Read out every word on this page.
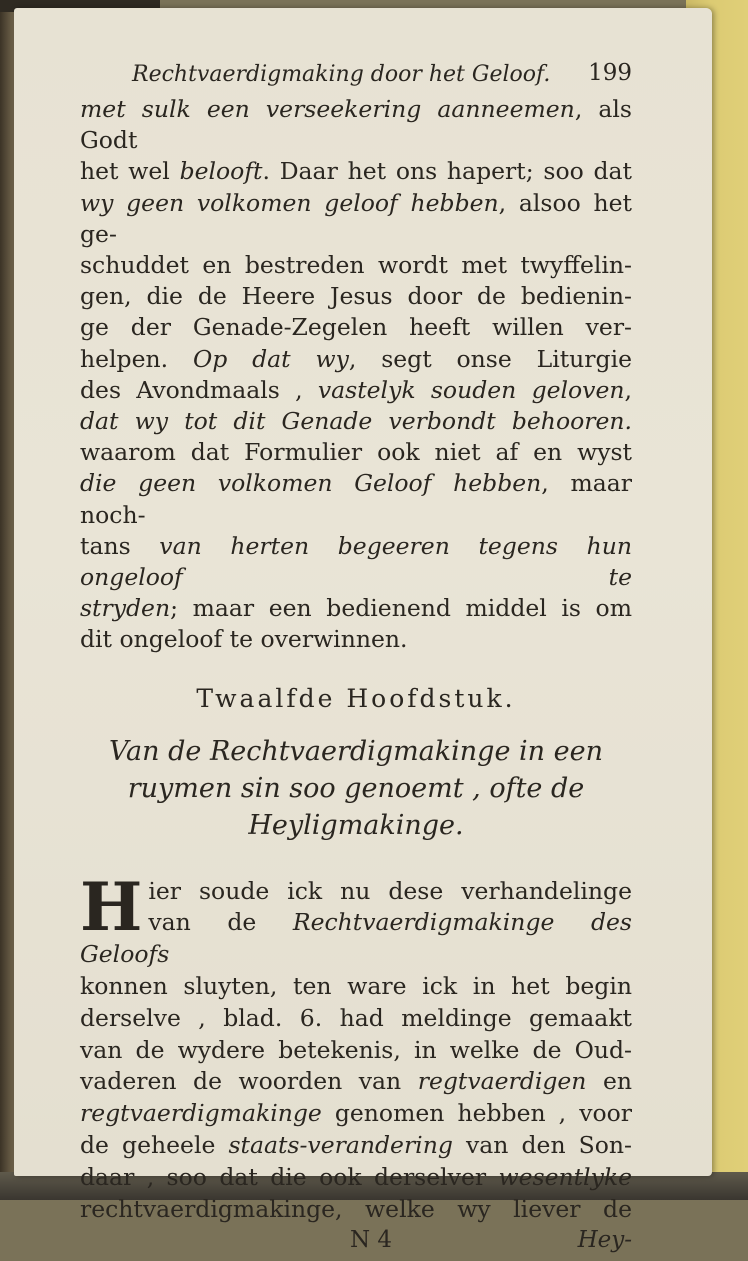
Rechtvaerdigmaking door het Geloof. 199

met sulk een verseekering aanneemen, als Godt

het wel belooft. Daar het ons hapert; soo dat

wy geen volkomen geloof hebben, alsoo het ge-

schuddet en bestreden wordt met twyffelin-

gen, die de Heere Jesus door de bedienin-

ge der Genade-Zegelen heeft willen ver-

helpen. Op dat wy, segt onse Liturgie

des Avondmaals , vastelyk souden geloven,

dat wy tot dit Genade verbondt behooren.

waarom dat Formulier ook niet af en wyst

die geen volkomen Geloof hebben, maar noch-

tans van herten begeeren tegens hun ongeloof te

stryden; maar een bedienend middel is om

dit ongeloof te overwinnen.

Twaalfde Hoofdstuk.
Van de Rechtvaerdigmakinge in een
ruymen sin soo genoemt , ofte de
Heyligmakinge.
H ier soude ick nu dese verhandelinge

van de Rechtvaerdigmakinge des Geloofs

konnen sluyten, ten ware ick in het begin

derselve , blad. 6. had meldinge gemaakt

van de wydere betekenis, in welke de Oud-

vaderen de woorden van regtvaerdigen en

regtvaerdigmakinge genomen hebben , voor

de geheele staats-verandering van den Son-

daar , soo dat die ook derselver wesentlyke

rechtvaerdigmakinge, welke wy liever de

N 4	Hey-
